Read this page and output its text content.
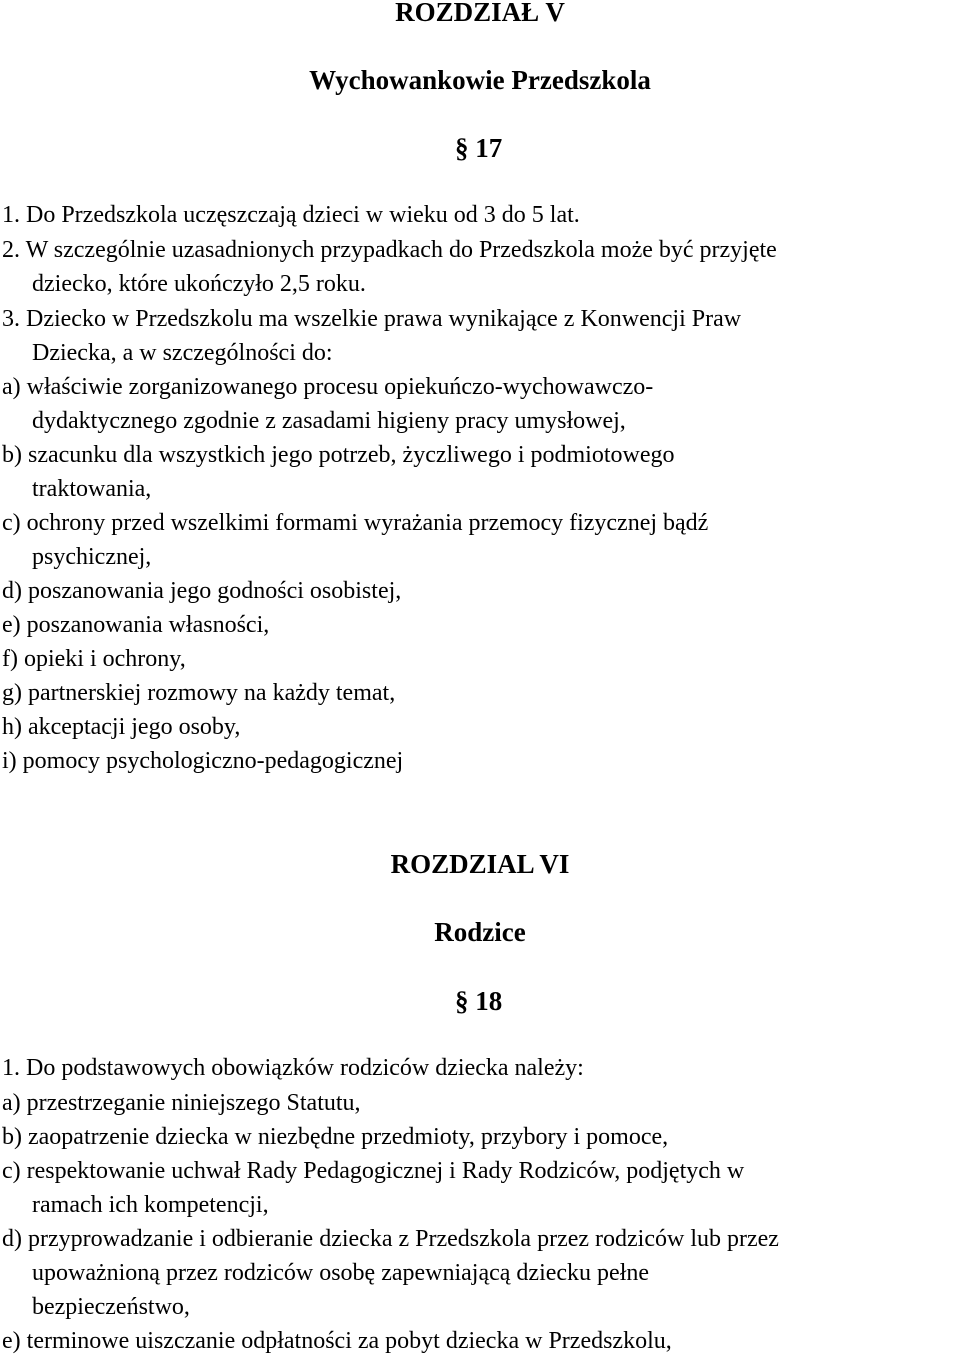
ROZDZIAŁ V
Wychowankowie Przedszkola
§ 17
1. Do Przedszkola uczęszczają dzieci w wieku od 3 do 5 lat.
2. W szczególnie uzasadnionych przypadkach do Przedszkola może być przyjęte
dziecko, które ukończyło 2,5 roku.
3. Dziecko w Przedszkolu ma wszelkie prawa wynikające z Konwencji Praw
Dziecka, a w szczególności do:
a) właściwie zorganizowanego procesu opiekuńczo-wychowawczo-
dydaktycznego zgodnie z zasadami higieny pracy umysłowej,
b) szacunku dla wszystkich jego potrzeb, życzliwego i podmiotowego
traktowania,
c) ochrony przed wszelkimi formami wyrażania przemocy fizycznej bądź
psychicznej,
d) poszanowania jego godności osobistej,
e) poszanowania własności,
f) opieki i ochrony,
g) partnerskiej rozmowy na każdy temat,
h) akceptacji jego osoby,
i) pomocy psychologiczno-pedagogicznej
ROZDZIAL VI
Rodzice
§ 18
1. Do podstawowych obowiązków rodziców dziecka należy:
a) przestrzeganie niniejszego Statutu,
b) zaopatrzenie dziecka w niezbędne przedmioty, przybory i pomoce,
c) respektowanie uchwał Rady Pedagogicznej i Rady Rodziców, podjętych w
ramach ich kompetencji,
d) przyprowadzanie i odbieranie dziecka z Przedszkola przez rodziców lub przez
upoważnioną przez rodziców osobę zapewniającą dziecku pełne
bezpieczeństwo,
e) terminowe uiszczanie odpłatności za pobyt dziecka w Przedszkolu,
